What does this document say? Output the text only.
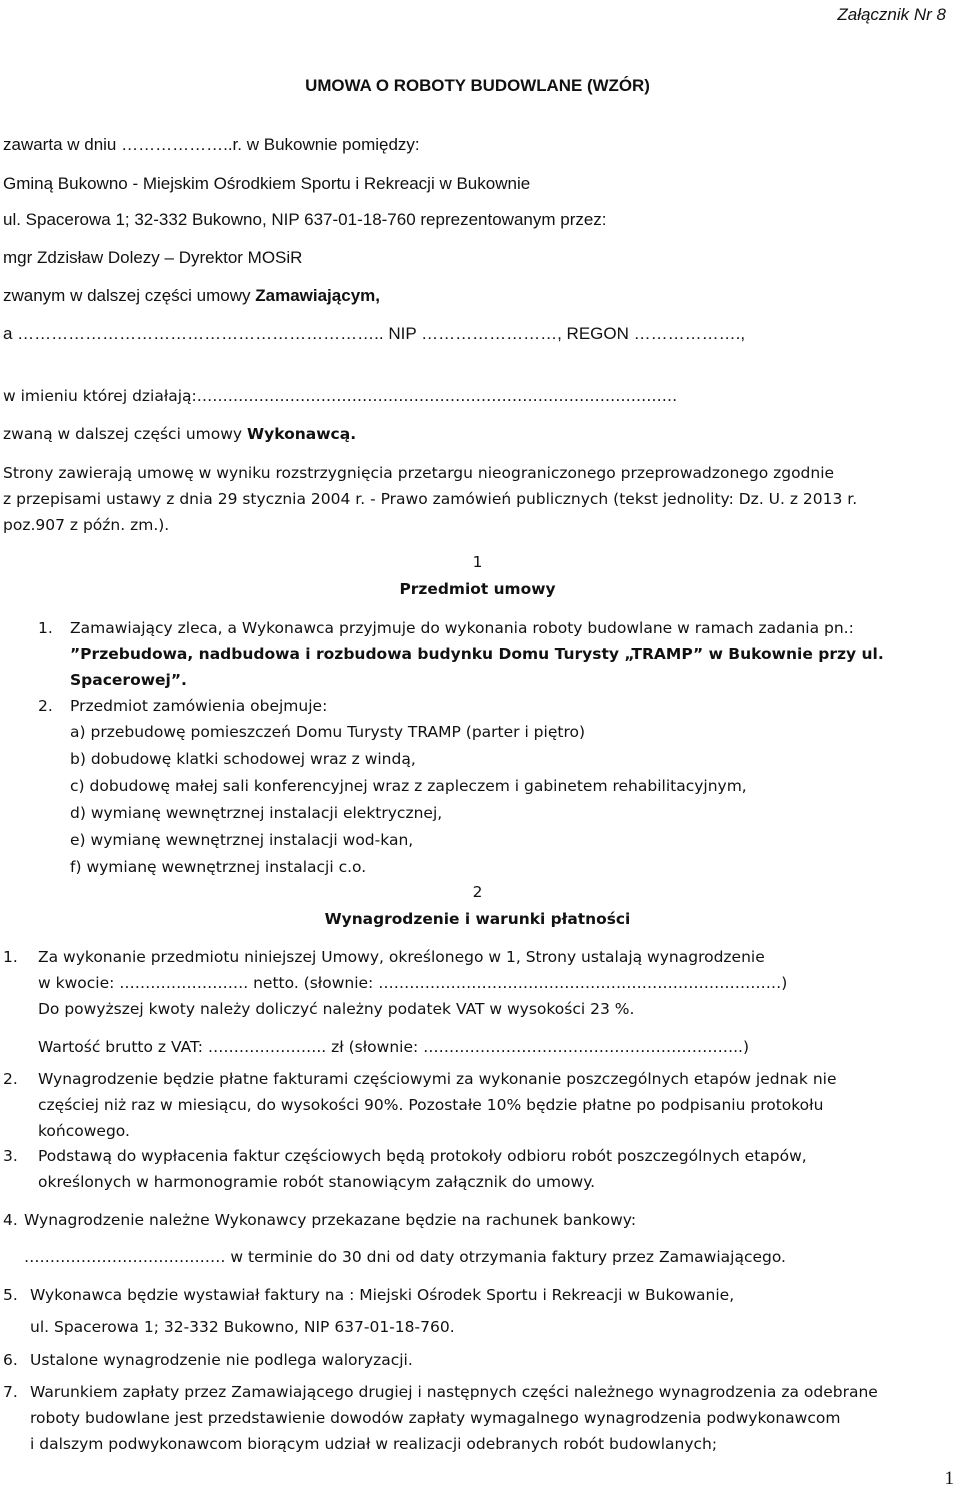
Załącznik Nr 8
UMOWA O ROBOTY BUDOWLANE (WZÓR)
zawarta w dniu ………………..r. w Bukownie pomiędzy:
Gminą Bukowno - Miejskim Ośrodkiem Sportu i Rekreacji w Bukownie
ul. Spacerowa 1; 32-332 Bukowno, NIP 637-01-18-760 reprezentowanym przez:
mgr Zdzisław Dolezy – Dyrektor MOSiR
zwanym w dalszej części umowy Zamawiającym,
a ……………………………………………………….. NIP ……………………, REGON ……………….,
w imieniu której działają:…………………………………………………………………………………
zwaną w dalszej części umowy Wykonawcą.
Strony zawierają umowę w wyniku rozstrzygnięcia przetargu nieograniczonego przeprowadzonego zgodnie
z przepisami ustawy z dnia 29 stycznia 2004 r. - Prawo zamówień publicznych (tekst jednolity: Dz. U. z 2013 r.
poz.907 z późn. zm.).
1
Przedmiot umowy
1. Zamawiający zleca, a Wykonawca przyjmuje do wykonania roboty budowlane w ramach zadania pn.:
”Przebudowa, nadbudowa i rozbudowa budynku Domu Turysty „TRAMP” w Bukownie przy ul.
Spacerowej”.
2. Przedmiot zamówienia obejmuje:
a) przebudowę pomieszczeń Domu Turysty TRAMP (parter i piętro)
b) dobudowę klatki schodowej wraz z windą,
c) dobudowę małej sali konferencyjnej wraz z zapleczem i gabinetem rehabilitacyjnym,
d) wymianę wewnętrznej instalacji elektrycznej,
e) wymianę wewnętrznej instalacji wod-kan,
f) wymianę wewnętrznej instalacji c.o.
2
Wynagrodzenie i warunki płatności
1. Za wykonanie przedmiotu niniejszej Umowy, określonego w 1, Strony ustalają wynagrodzenie
w kwocie: ……………………. netto. (słownie: ……………………………………………………………………)
Do powyższej kwoty należy doliczyć należny podatek VAT w wysokości 23 %.
Wartość brutto z VAT: ………………….. zł (słownie: ……………………………………………………..)
2. Wynagrodzenie będzie płatne fakturami częściowymi za wykonanie poszczególnych etapów jednak nie
częściej niż raz w miesiącu, do wysokości 90%. Pozostałe 10% będzie płatne po podpisaniu protokołu
końcowego.
3. Podstawą do wypłacenia faktur częściowych będą protokoły odbioru robót poszczególnych etapów,
określonych w harmonogramie robót stanowiącym załącznik do umowy.
4. Wynagrodzenie należne Wykonawcy przekazane będzie na rachunek bankowy:
………………………………… w terminie do 30 dni od daty otrzymania faktury przez Zamawiającego.
5. Wykonawca będzie wystawiał faktury na : Miejski Ośrodek Sportu i Rekreacji w Bukowanie,
ul. Spacerowa 1; 32-332 Bukowno, NIP 637-01-18-760.
6. Ustalone wynagrodzenie nie podlega waloryzacji.
7. Warunkiem zapłaty przez Zamawiającego drugiej i następnych części należnego wynagrodzenia za odebrane
roboty budowlane jest przedstawienie dowodów zapłaty wymagalnego wynagrodzenia podwykonawcom
i dalszym podwykonawcom biorącym udział w realizacji odebranych robót budowlanych;
1
